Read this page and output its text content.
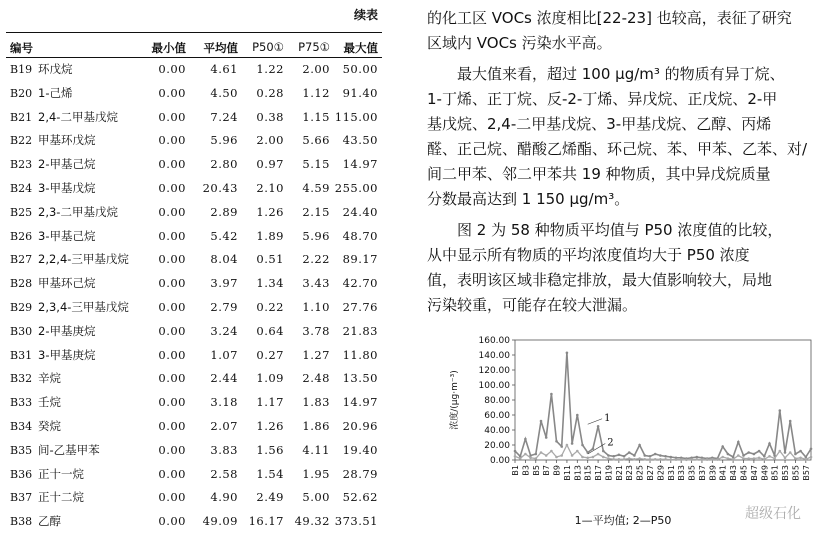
续表
编号	最小值 平均值 P50① P75① 最大值
B19 环戊烷	0.00 4.61 1.22 2.00 50.00
B20 1-己烯	0.00 4.50 0.28 1.12 91.40
B21 2,4-二甲基戊烷	0.00 7.24 0.38 1.15 115.00
B22 甲基环戊烷	0.00 5.96 2.00 5.66 43.50
B23 2-甲基己烷	0.00 2.80 0.97 5.15 14.97
B24 3-甲基戊烷	0.00 20.43 2.10 4.59 255.00
B25 2,3-二甲基戊烷	0.00 2.89 1.26 2.15 24.40
B26 3-甲基己烷	0.00 5.42 1.89 5.96 48.70
B27 2,2,4-三甲基戊烷	0.00 8.04 0.51 2.22 89.17
B28 甲基环己烷	0.00 3.97 1.34 3.43 42.70
B29 2,3,4-三甲基戊烷	0.00 2.79 0.22 1.10 27.76
B30 2-甲基庚烷	0.00 3.24 0.64 3.78 21.83
B31 3-甲基庚烷	0.00 1.07 0.27 1.27 11.80
B32 辛烷	0.00 2.44 1.09 2.48 13.50
B33 壬烷	0.00 3.18 1.17 1.83 14.97
B34 癸烷	0.00 2.07 1.26 1.86 20.96
B35 间-乙基甲苯	0.00 3.83 1.56 4.11 19.40
B36 正十一烷	0.00 2.58 1.54 1.95 28.79
B37 正十二烷	0.00 4.90 2.49 5.00 52.62
B38 乙醇	0.00 49.09 16.17 49.32 373.51
的化工区 VOCs 浓度相比[22-23] 也较高，表征了研究
区域内 VOCs 污染水平高。
最大值来看，超过 100 μg/m³ 的物质有异丁烷、
1-丁烯、正丁烷、反-2-丁烯、异戊烷、正戊烷、2-甲
基戊烷、2,4-二甲基戊烷、3-甲基戊烷、乙醇、丙烯
醛、正己烷、醋酸乙烯酯、环己烷、苯、甲苯、乙苯、对/
间二甲苯、邻二甲苯共 19 种物质，其中异戊烷质量
分数最高达到 1 150 μg/m³。
图 2 为 58 种物质平均值与 P50 浓度值的比较，
从中显示所有物质的平均浓度值均大于 P50 浓度
值，表明该区域非稳定排放，最大值影响较大，局地
污染较重，可能存在较大泄漏。
0.00
20.00
40.00
60.00
80.00
100.00
120.00
140.00
160.00
浓度/(μg·m⁻³)
B1 B3 B5 B7 B9 B11 B13 B15 B17 B19 B21 B23 B25 B27 B29 B31 B33 B35 B37 B39 B41 B43 B45 B47 B49 B51 B53 B55 B57
1
2
1—平均值; 2—P50	超级石化
